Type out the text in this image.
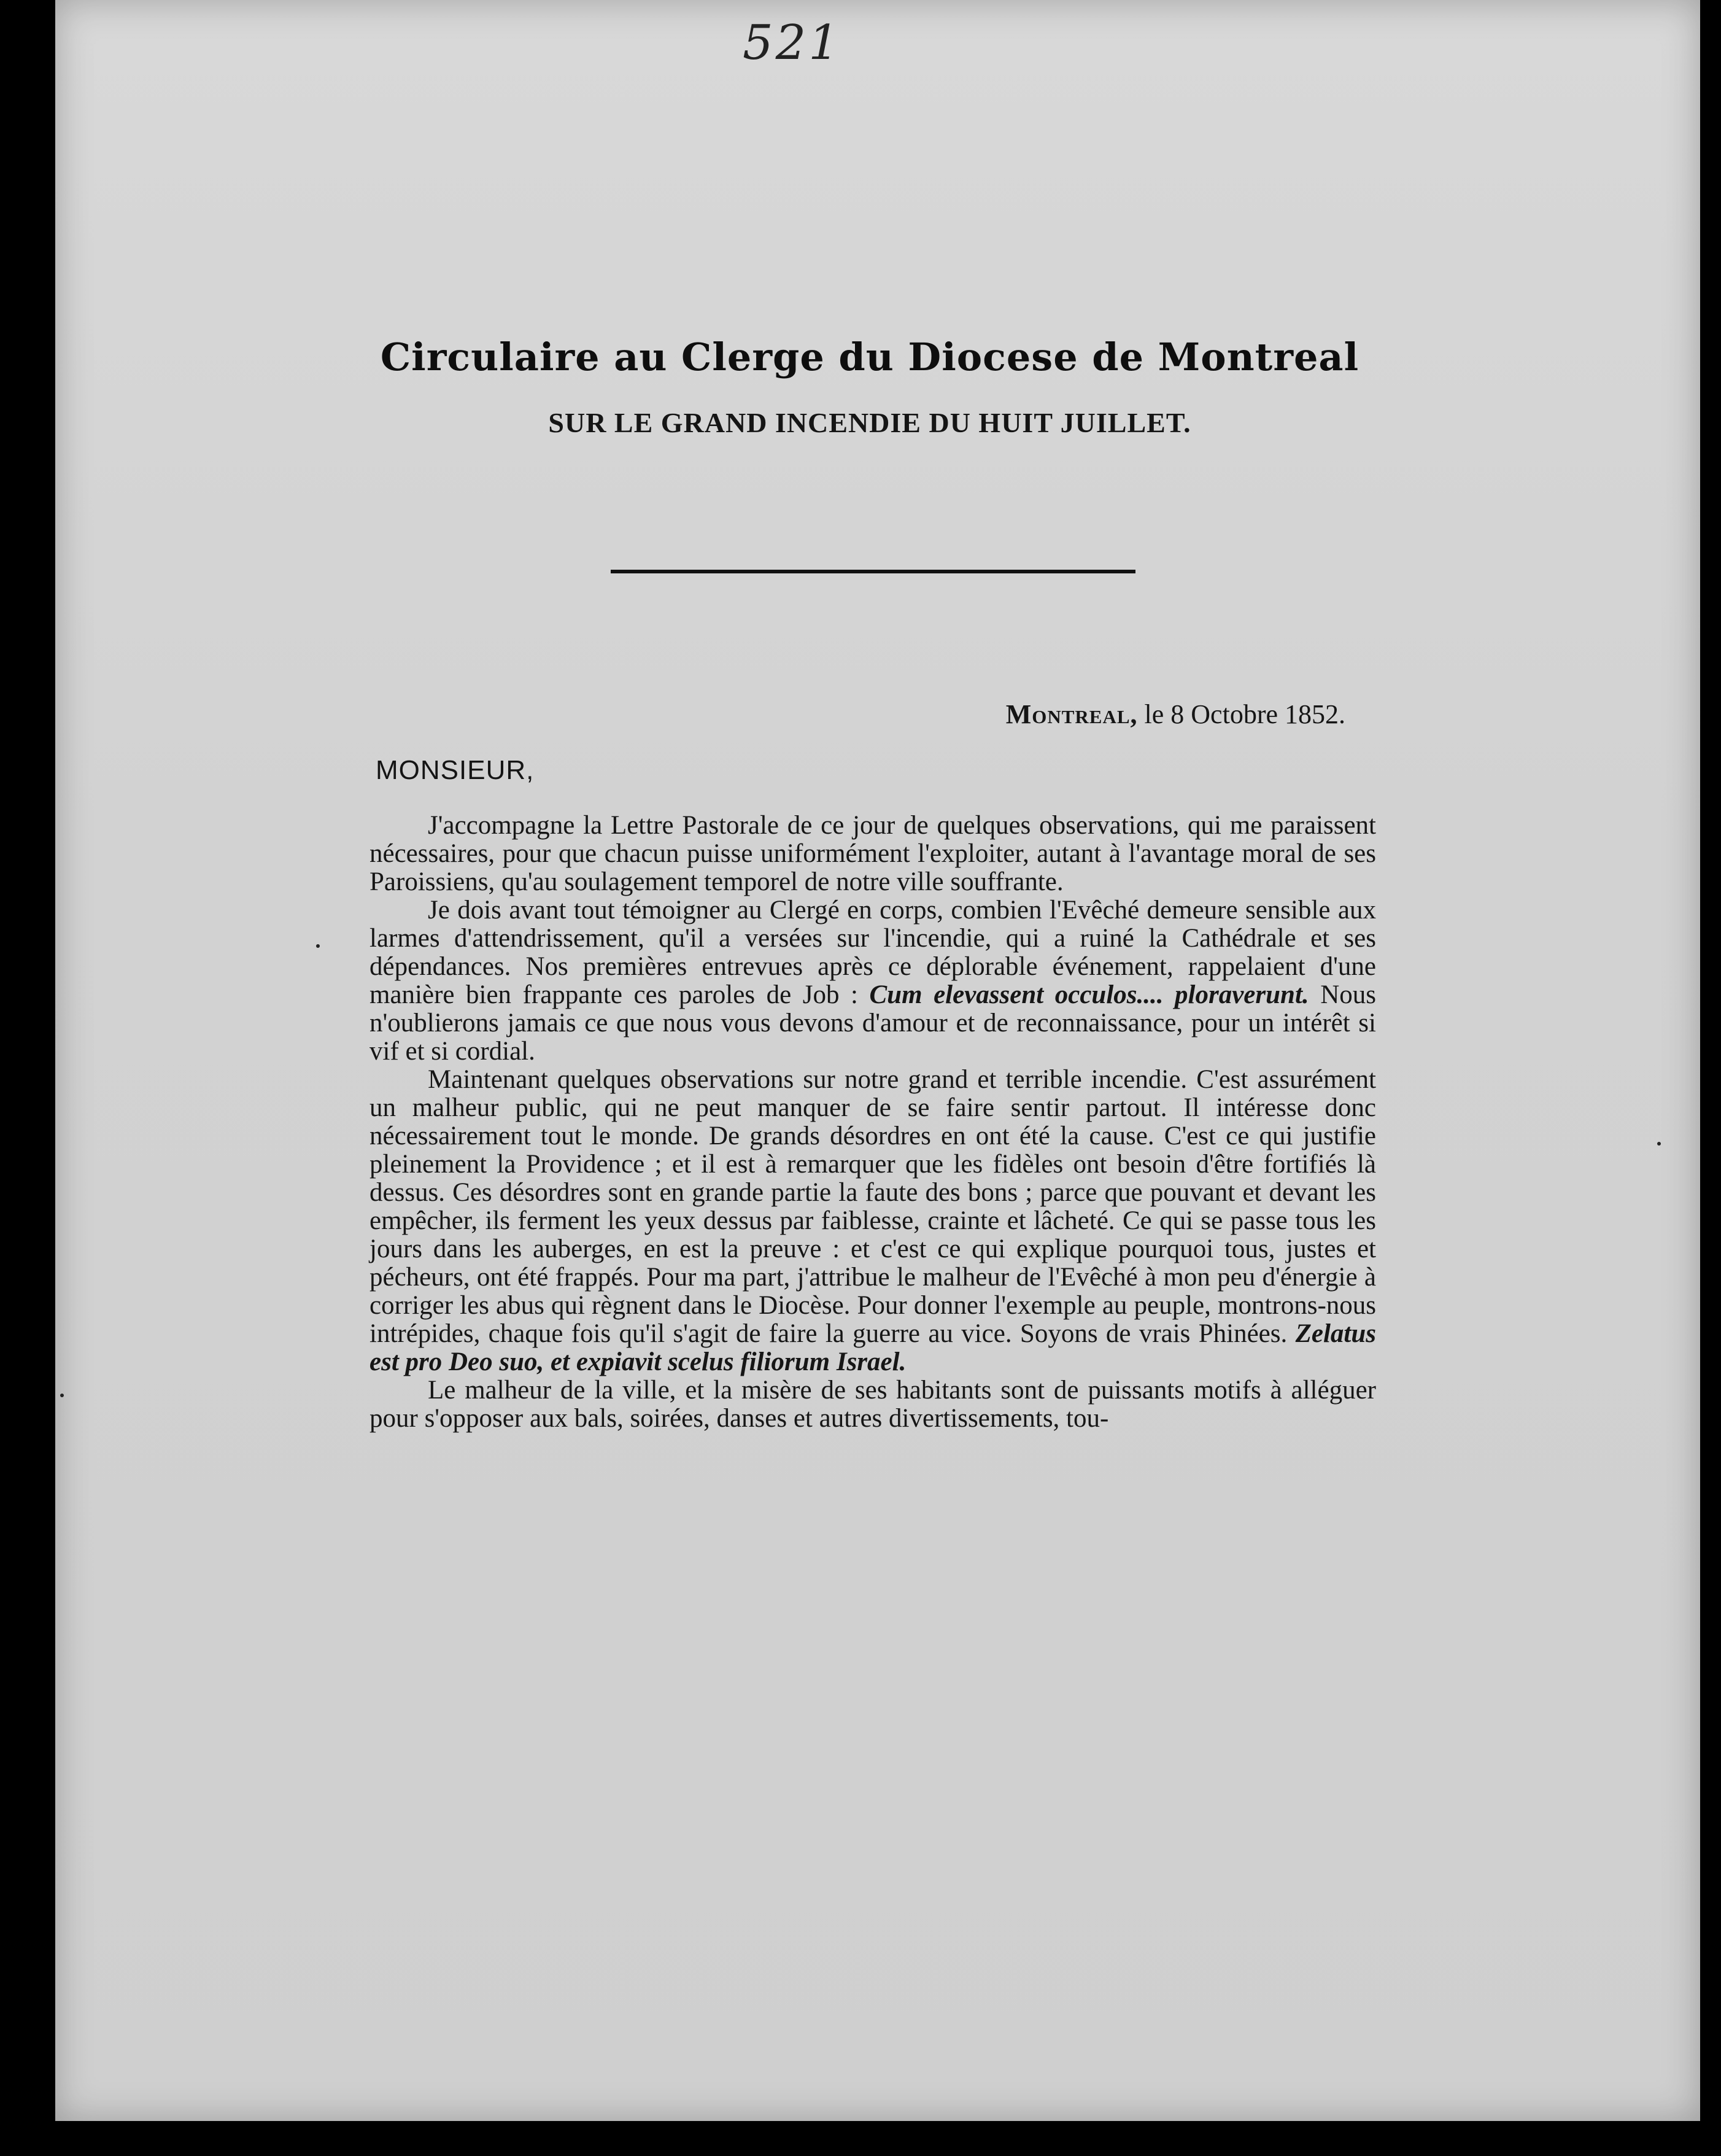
521
Circulaire au Clerge du Diocese de Montreal
SUR LE GRAND INCENDIE DU HUIT JUILLET.
Montreal, le 8 Octobre 1852.
MONSIEUR,

J'accompagne la Lettre Pastorale de ce jour de quelques observations, qui me paraissent nécessaires, pour que chacun puisse uniformément l'exploiter, autant à l'avantage moral de ses Paroissiens, qu'au soulagement temporel de notre ville souffrante.

Je dois avant tout témoigner au Clergé en corps, combien l'Evêché demeure sensible aux larmes d'attendrissement, qu'il a versées sur l'incendie, qui a ruiné la Cathédrale et ses dépendances. Nos premières entrevues après ce déplorable événement, rappelaient d'une manière bien frappante ces paroles de Job : Cum elevassent occulos.... ploraverunt. Nous n'oublierons jamais ce que nous vous devons d'amour et de reconnaissance, pour un intérêt si vif et si cordial.

Maintenant quelques observations sur notre grand et terrible incendie. C'est assurément un malheur public, qui ne peut manquer de se faire sentir partout. Il intéresse donc nécessairement tout le monde. De grands désordres en ont été la cause. C'est ce qui justifie pleinement la Providence ; et il est à remarquer que les fidèles ont besoin d'être fortifiés là dessus. Ces désordres sont en grande partie la faute des bons ; parce que pouvant et devant les empêcher, ils ferment les yeux dessus par faiblesse, crainte et lâcheté. Ce qui se passe tous les jours dans les auberges, en est la preuve : et c'est ce qui explique pourquoi tous, justes et pécheurs, ont été frappés. Pour ma part, j'attribue le malheur de l'Evêché à mon peu d'énergie à corriger les abus qui règnent dans le Diocèse. Pour donner l'exemple au peuple, montrons-nous intrépides, chaque fois qu'il s'agit de faire la guerre au vice. Soyons de vrais Phinées. Zelatus est pro Deo suo, et expiavit scelus filiorum Israel.

Le malheur de la ville, et la misère de ses habitants sont de puissants motifs à alléguer pour s'opposer aux bals, soirées, danses et autres divertissements, tou-
